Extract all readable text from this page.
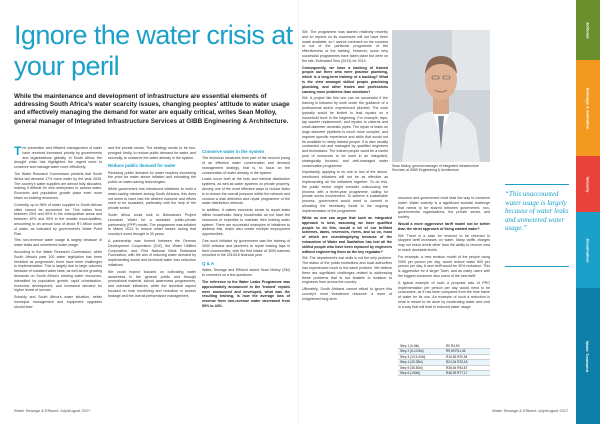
Ignore the water crisis at your peril
While the maintenance and development of infrastructure are essential elements of addressing South Africa's water scarcity issues, changing peoples' attitude to water usage and effectively managing the demand for water are equally critical, writes Sean Molloy, general manager of Integrated Infrastructure Services at GIBB Engineering & Architecture.
T he prevention and efficient management of water have received increased priority by governments and organisations globally. In South Africa, the drought crisis has highlighted the urgent need to conserve and manage water more effectively.

The Water Research Commission predicts that South Africa will demand 17% more water by the year 2030. The country's water supplies are almost fully allocated, making it difficult for new enterprises to access water. Economic and population growth place even more strain on existing resources.

Currently, up to 98% of water supplied to South African cities cannot be accounted for. This varies from between 25% and 50% in the metropolitan areas and between 40% and 90% in the smaller municipalities, amounting to an annual loss of about R7-billion worth of water, as indicated by government's Water Point Plan.

This non-revenue water usage is largely because of water leaks and unmetered water usage.

According to the Water Research Commission, while South Africa's past 100 water legislation has been heralded as progressive, there have been challenges in implementation. This is largely due to large volumes because of outdated water laws, as well as the growing demands on South Africa's existing water resources, intensified by population growth, rapid urbanisation, economic development, and increased demand for higher levels of service.

Subsidy and South Africa's water situation, better municipal management and equipment upgrades should lead

and the private sector. The strategy needs to be two-pronged: firstly, to reduce public demand for water, and secondly, to conserve the water already in the system.

Reduce public demand for water

Reducing public demand for water requires increasing the price for water above inflation and educating the public on water-saving technologies.

While government has introduced initiatives to instil a water-saving mindset among South Africans, this does not seem to have had the desired outcome and efforts need to be escalated, preferably with the help of the private sector.

South Africa could look to Botswana's Project Leonardo Water for a workable public-private partnership (PPP) model. The programme was initiated in March 2013 to reduce water losses during that country's worst drought in 30 years.

A partnership was formed between the German Development Cooperation (GIZ), the Water Utilities Corporation, and First National Bank Botswana Foundation, with the aim of reducing water demand by implementing social and technical water loss reduction initiatives.

We could expect focused on cultivating water awareness in the general public and through promotional material, school awareness programmes, and outreach initiatives, while the technical aspect focused on leak monitoring and reduction in access leakage and the overall performance management.

Conserve water in the system

The technical measures form part of the second prong of an effective water conservation and demand management strategy, that is, to focus on the conservation of water already in the system.

Leaks occur both at the bulk and internal distribution systems, as well as water systems on private property. Among one of the most effective ways to reduce leaks is to reduce the overall pressure within the network and conduct a leak detection and repair programme of the water distribution network.

In addition, it makes economic sense to repair leaks within households. Many households do not have the resources or expertise to maintain their leaking water system. There are successful examples of initiatives to address this, which also create multiple employment opportunities.

One such initiative by government was the training of 3000 artisans and plumbers to repair leaking taps in their communities, with the first intake of 3000 trainees recruited in the 2015/16 financial year.

Q & A

Water, Sewage and Effluent asked Sean Molloy (SM) to comment on a few questions.

The reference to the Water Leaks Programme was approximately announced in the 'trained' repairs were announced and developed, what was the resulting training, is how the average loss of revenue from non-revenue water decreased from 50% to 44%.

SM: The programme was started relatively recently and so reports on its successes will not have been made available, so I cannot comment on the success or not of the particular programme of the effectiveness of the training. However, some very successful programmes have taken place but were on the site. Estimated Tons (2013) for 2014.

Consequently, we have a backlog of trained people out there who were practise plumbing, which is a long-term training of a backlog? What is the view amongst skilled people practising plumbing, and other trades and professions causing more problems than solutions?

SM: A project like this one can be successful if the training is followed by work under the guidance of a professional and/or experienced plumber. The work typically would be limited to leak repairs on a household level in the beginning. For example, taps, tap washer replacement, and repairs to cisterns and small diameter domestic pipes. The repair of leaks on large diameter pipelines is much more complex, and requires specific experience and skills that would not be available to newly trained people. It is also usually contracted out and managed by qualified engineers and technicians. The trained people could be a useful pool of resources to be used in an integrated, strategically focused, and well-managed water conservation programme.

Importantly, applying to do one or two of the above-mentioned initiatives will not be as effective as implementing all the initiatives together. To do this, the public sector might consider outsourcing the process with a three-year programme, calling for private sector involvement. To achieve a sustainable process, government would need to commit to allocating the necessary funds to the ongoing implementation of the programme.

Sean Molloy, general manager of Integrated Infrastructure Services at GIBB Engineering & Architecture.

While no one can argue that such an integrated approach is best, assuming we have qualified people to do this, would a lot of our brilliant schemes, dams, reservoirs, rivers, and so on, most of which are crumbling/dying because of the exhaustion of Water and Sanitation has lost all the skilled people who have been replaced by engineers without engineering them as the key regulator?

SM: The department's lost skills is not the only problem. The status of the public institutions and local authorities has experienced much to the same problem. We believe there are significant challenges related to addressing these problems that is not feasible in isolation to engineers from across the country.

Ultimately, South Africans cannot afford to ignore this country's most threatened resource: a more of enlightened long-term

resource and government must lead the way to conserve water. Water scarcity is a significant societal challenge that needs to be shared between government, non-governmental organisations, the private sector, and society.

Would a more aggressive tariff model not be better than the strict approach of fixing wasted water?

SM: There is a case for revenue to be returned to stopped tariff increases on water. Many tariffs charges may not reach levels other than the ability to recover cost to reach desirable levels.

For example, a new revision model of the people using 2000 per person per day, would reduce water 800 per person per day. A new tariff would be 30% reduction. This is aggressive for a larger Town, and as many users with the biggest consumer also users of the new tariff.

A typical example of such a proposal was of PRO implementation per person per day would need to be consumers, as it has been compared from the time frame of water for its use. An example of such a reduction is what is meant to be done by moderating water and cost in a way that will lead to reduced water usage.

Step 1 (0-6kl)	R0 R4,50
Step 2 (6-10.5kl)	R9,69 R11,46
Step 3 (10.5-20kl)	R15,83 R20,54
Step 4 (20-35kl)	R24,34 R33,18
Step 5 (35-50kl)	R38,64 R54,67
Step 6 (>50kl)	R48,39 R77,17
“This unaccounted water usage is largely because of water leaks and unmetered water usage.”
Editorial
Drainage & Sanitation
Industry
Desalination
Water Treatment
Water Sewage & Effluent July/August 2017	Water Sewage & Effluent July/August 2017
